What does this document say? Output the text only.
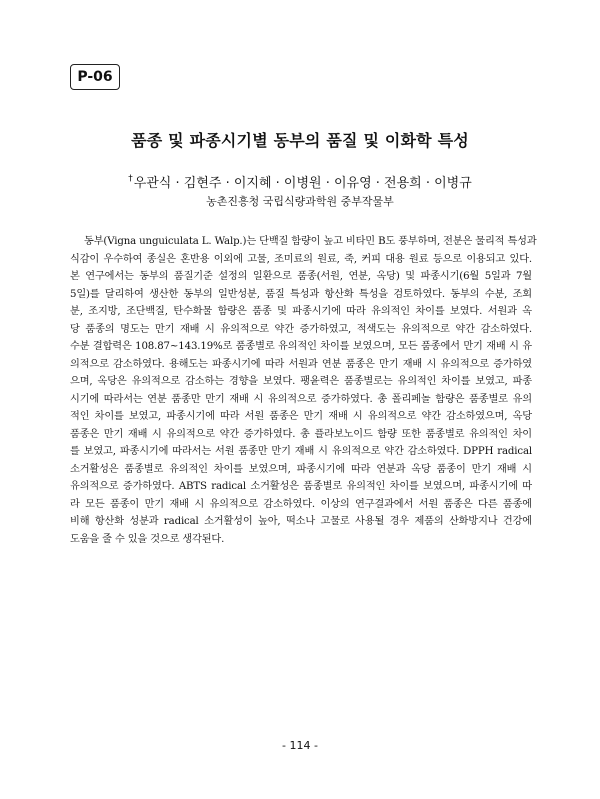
P-06
품종 및 파종시기별 동부의 품질 및 이화학 특성
†우관식 · 김현주 · 이지혜 · 이병원 · 이유영 · 전용희 · 이병규
농촌진흥청 국립식량과학원 중부작물부
동부(Vigna unguiculata L. Walp.)는 단백질 함량이 높고 비타민 B도 풍부하며, 전분은 물리적 특성과
식감이 우수하여 종실은 혼반용 이외에 고물, 조미료의 원료, 죽, 커피 대용 원료 등으로 이용되고 있다.
본 연구에서는 동부의 품질기준 설정의 일환으로 품종(서원, 연분, 옥당) 및 파종시기(6월 5일과 7월
5일)를 달리하여 생산한 동부의 일반성분, 품질 특성과 항산화 특성을 검토하였다. 동부의 수분, 조회
분, 조지방, 조단백질, 탄수화물 함량은 품종 및 파종시기에 따라 유의적인 차이를 보였다. 서원과 옥
당 품종의 명도는 만기 재배 시 유의적으로 약간 증가하였고, 적색도는 유의적으로 약간 감소하였다.
수분 결합력은 108.87~143.19%로 품종별로 유의적인 차이를 보였으며, 모든 품종에서 만기 재배 시 유
의적으로 감소하였다. 용해도는 파종시기에 따라 서원과 연분 품종은 만기 재배 시 유의적으로 증가하였
으며, 옥당은 유의적으로 감소하는 경향을 보였다. 팽윤력은 품종별로는 유의적인 차이를 보였고, 파종
시기에 따라서는 연분 품종만 만기 재배 시 유의적으로 증가하였다. 총 폴리페놀 함량은 품종별로 유의
적인 차이를 보였고, 파종시기에 따라 서원 품종은 만기 재배 시 유의적으로 약간 감소하였으며, 옥당
품종은 만기 재배 시 유의적으로 약간 증가하였다. 총 플라보노이드 함량 또한 품종별로 유의적인 차이
를 보였고, 파종시기에 따라서는 서원 품종만 만기 재배 시 유의적으로 약간 감소하였다. DPPH radical
소거활성은 품종별로 유의적인 차이를 보였으며, 파종시기에 따라 연분과 옥당 품종이 만기 재배 시
유의적으로 증가하였다. ABTS radical 소거활성은 품종별로 유의적인 차이를 보였으며, 파종시기에 따
라 모든 품종이 만기 재배 시 유의적으로 감소하였다. 이상의 연구결과에서 서원 품종은 다른 품종에
비해 항산화 성분과 radical 소거활성이 높아, 떡소나 고물로 사용될 경우 제품의 산화방지나 건강에
도움을 줄 수 있을 것으로 생각된다.
- 114 -
